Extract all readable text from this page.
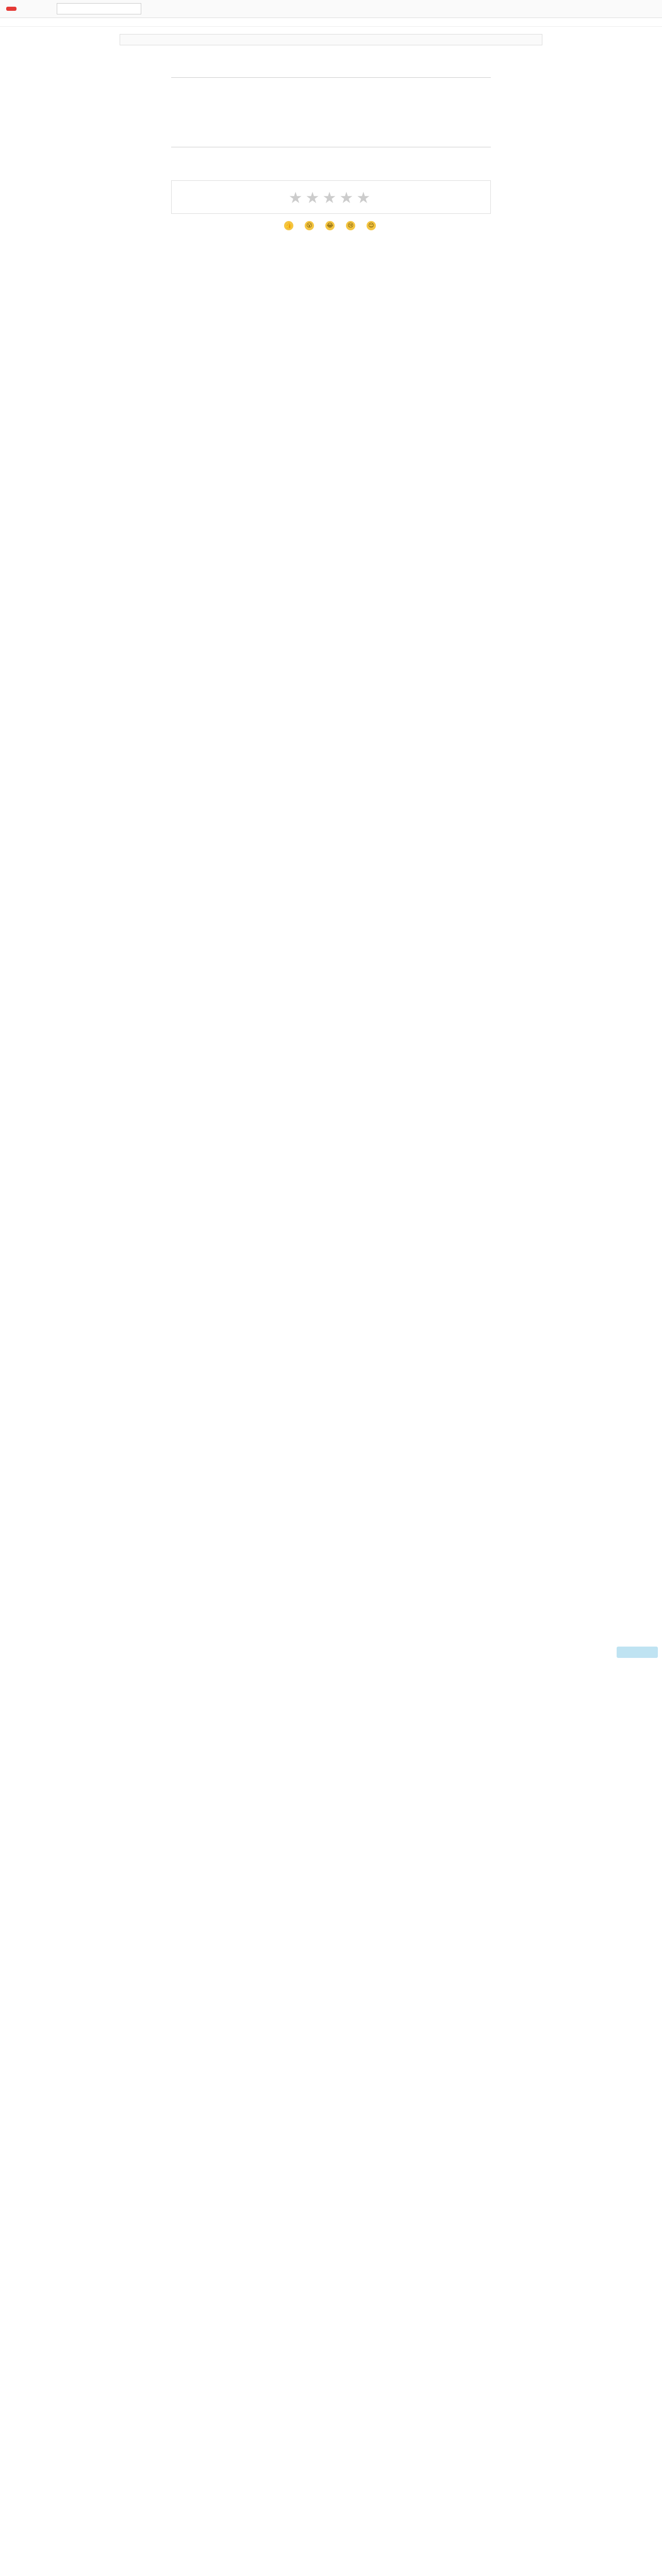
★★★★★
👍 😮	😂	😢	😊
